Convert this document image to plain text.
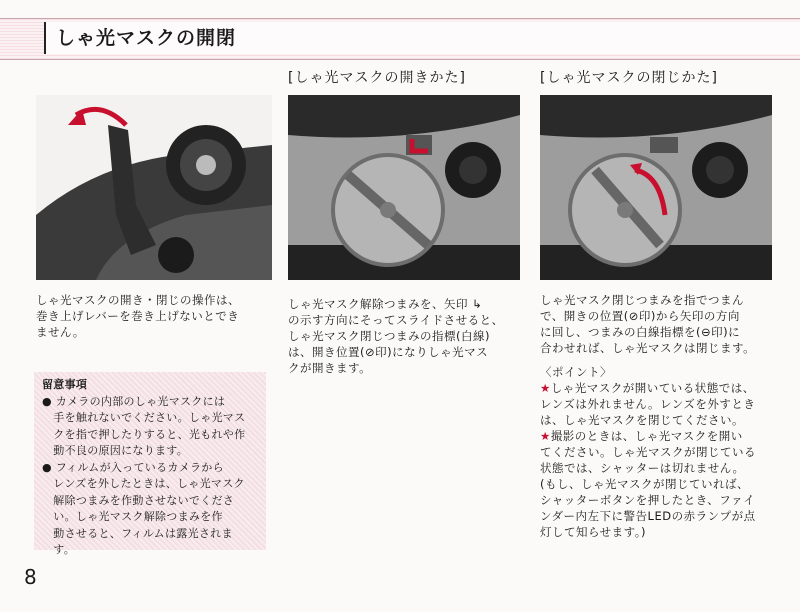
しゃ光マスクの開閉
[しゃ光マスクの開きかた]	[しゃ光マスクの閉じかた]
しゃ光マスクの開き・閉じの操作は、
巻き上げレバーを巻き上げないとでき
ません。
留意事項
● カメラの内部のしゃ光マスクには
　手を触れないでください。しゃ光マス
　クを指で押したりすると、光もれや作
　動不良の原因になります。
● フィルムが入っているカメラから
　レンズを外したときは、しゃ光マスク
　解除つまみを作動させないでくださ
　い。しゃ光マスク解除つまみを作
　動させると、フィルムは露光されま
　す。
しゃ光マスク解除つまみを、矢印 ↳
の示す方向にそってスライドさせると、
しゃ光マスク閉じつまみの指標(白線)
は、開き位置(⊘印)になりしゃ光マス
クが開きます。
しゃ光マスク閉じつまみを指でつまん
で、開きの位置(⊘印)から矢印の方向
に回し、つまみの白線指標を(⊖印)に
合わせれば、しゃ光マスクは閉じます。
〈ポイント〉
★しゃ光マスクが開いている状態では、
レンズは外れません。レンズを外すとき
は、しゃ光マスクを閉じてください。
★撮影のときは、しゃ光マスクを開い
てください。しゃ光マスクが閉じている
状態では、シャッターは切れません。
(もし、しゃ光マスクが閉じていれば、
シャッターボタンを押したとき、ファイ
ンダー内左下に警告LEDの赤ランプが点
灯して知らせます。)
8
